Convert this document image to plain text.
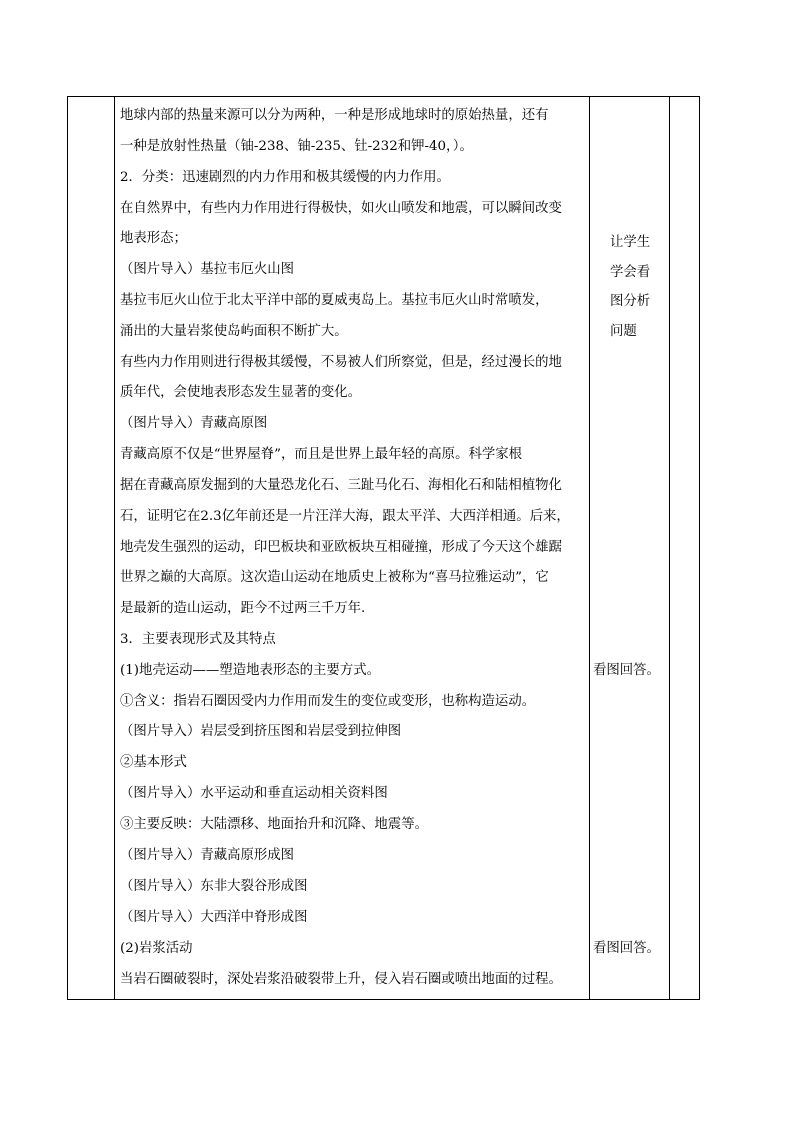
地球内部的热量来源可以分为两种，一种是形成地球时的原始热量，还有
一种是放射性热量（铀-238、铀-235、钍-232和钾-40，）。
2．分类：迅速剧烈的内力作用和极其缓慢的内力作用。
在自然界中，有些内力作用进行得极快，如火山喷发和地震，可以瞬间改变
地表形态；
（图片导入）基拉韦厄火山图
基拉韦厄火山位于北太平洋中部的夏威夷岛上。基拉韦厄火山时常喷发，
涌出的大量岩浆使岛屿面积不断扩大。
有些内力作用则进行得极其缓慢，不易被人们所察觉，但是，经过漫长的地
质年代，会使地表形态发生显著的变化。
（图片导入）青藏高原图
青藏高原不仅是“世界屋脊”，而且是世界上最年轻的高原。科学家根
据在青藏高原发掘到的大量恐龙化石、三趾马化石、海相化石和陆相植物化
石，证明它在2.3亿年前还是一片汪洋大海，跟太平洋、大西洋相通。后来，
地壳发生强烈的运动，印巴板块和亚欧板块互相碰撞，形成了今天这个雄踞
世界之巅的大高原。这次造山运动在地质史上被称为“喜马拉雅运动”，它
是最新的造山运动，距今不过两三千万年.
3．主要表现形式及其特点
(1)地壳运动——塑造地表形态的主要方式。
①含义：指岩石圈因受内力作用而发生的变位或变形，也称构造运动。
（图片导入）岩层受到挤压图和岩层受到拉伸图
②基本形式
（图片导入）水平运动和垂直运动相关资料图
③主要反映：大陆漂移、地面抬升和沉降、地震等。
（图片导入）青藏高原形成图
（图片导入）东非大裂谷形成图
（图片导入）大西洋中脊形成图
(2)岩浆活动
当岩石圈破裂时，深处岩浆沿破裂带上升，侵入岩石圈或喷出地面的过程。
看图回答。
看图回答。
让学生
学会看
图分析
问题
